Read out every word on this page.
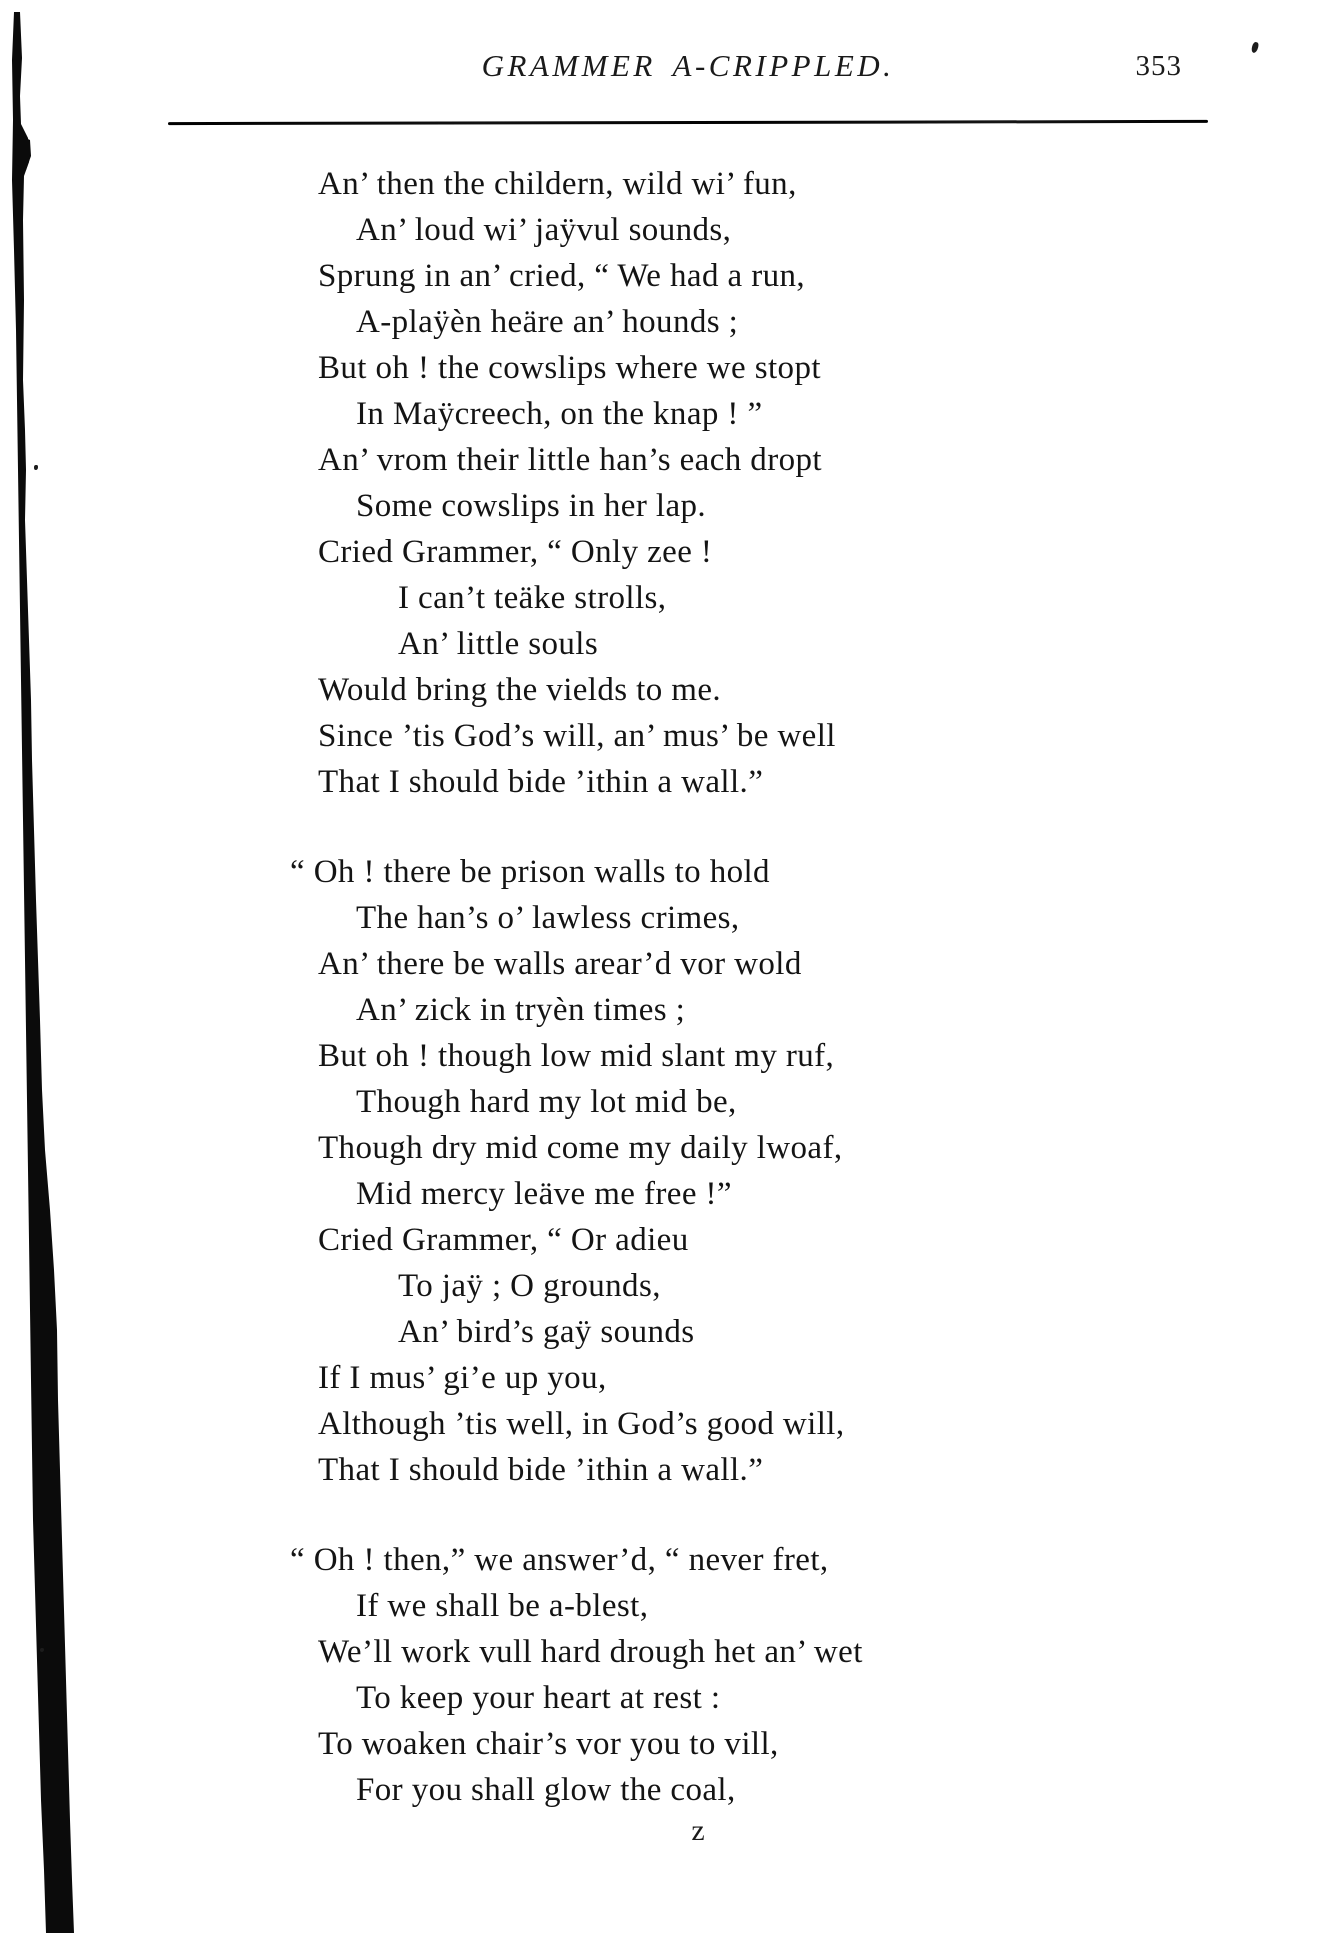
GRAMMER A-CRIPPLED.	353
An’ then the childern, wild wi’ fun,
An’ loud wi’ jaÿvul sounds,
Sprung in an’ cried, “ We had a run,
A-plaÿèn heäre an’ hounds ;
But oh ! the cowslips where we stopt
In Maÿcreech, on the knap ! ”
An’ vrom their little han’s each dropt
Some cowslips in her lap.
Cried Grammer, “ Only zee !
I can’t teäke strolls,
An’ little souls
Would bring the vields to me.
Since ’tis God’s will, an’ mus’ be well
That I should bide ’ithin a wall.”
“ Oh ! there be prison walls to hold
The han’s o’ lawless crimes,
An’ there be walls arear’d vor wold
An’ zick in tryèn times ;
But oh ! though low mid slant my ruf,
Though hard my lot mid be,
Though dry mid come my daily lwoaf,
Mid mercy leäve me free !”
Cried Grammer, “ Or adieu
To jaÿ ; O grounds,
An’ bird’s gaÿ sounds
If I mus’ gi’e up you,
Although ’tis well, in God’s good will,
That I should bide ’ithin a wall.”
“ Oh ! then,” we answer’d, “ never fret,
If we shall be a-blest,
We’ll work vull hard drough het an’ wet
To keep your heart at rest :
To woaken chair’s vor you to vill,
For you shall glow the coal,
z
